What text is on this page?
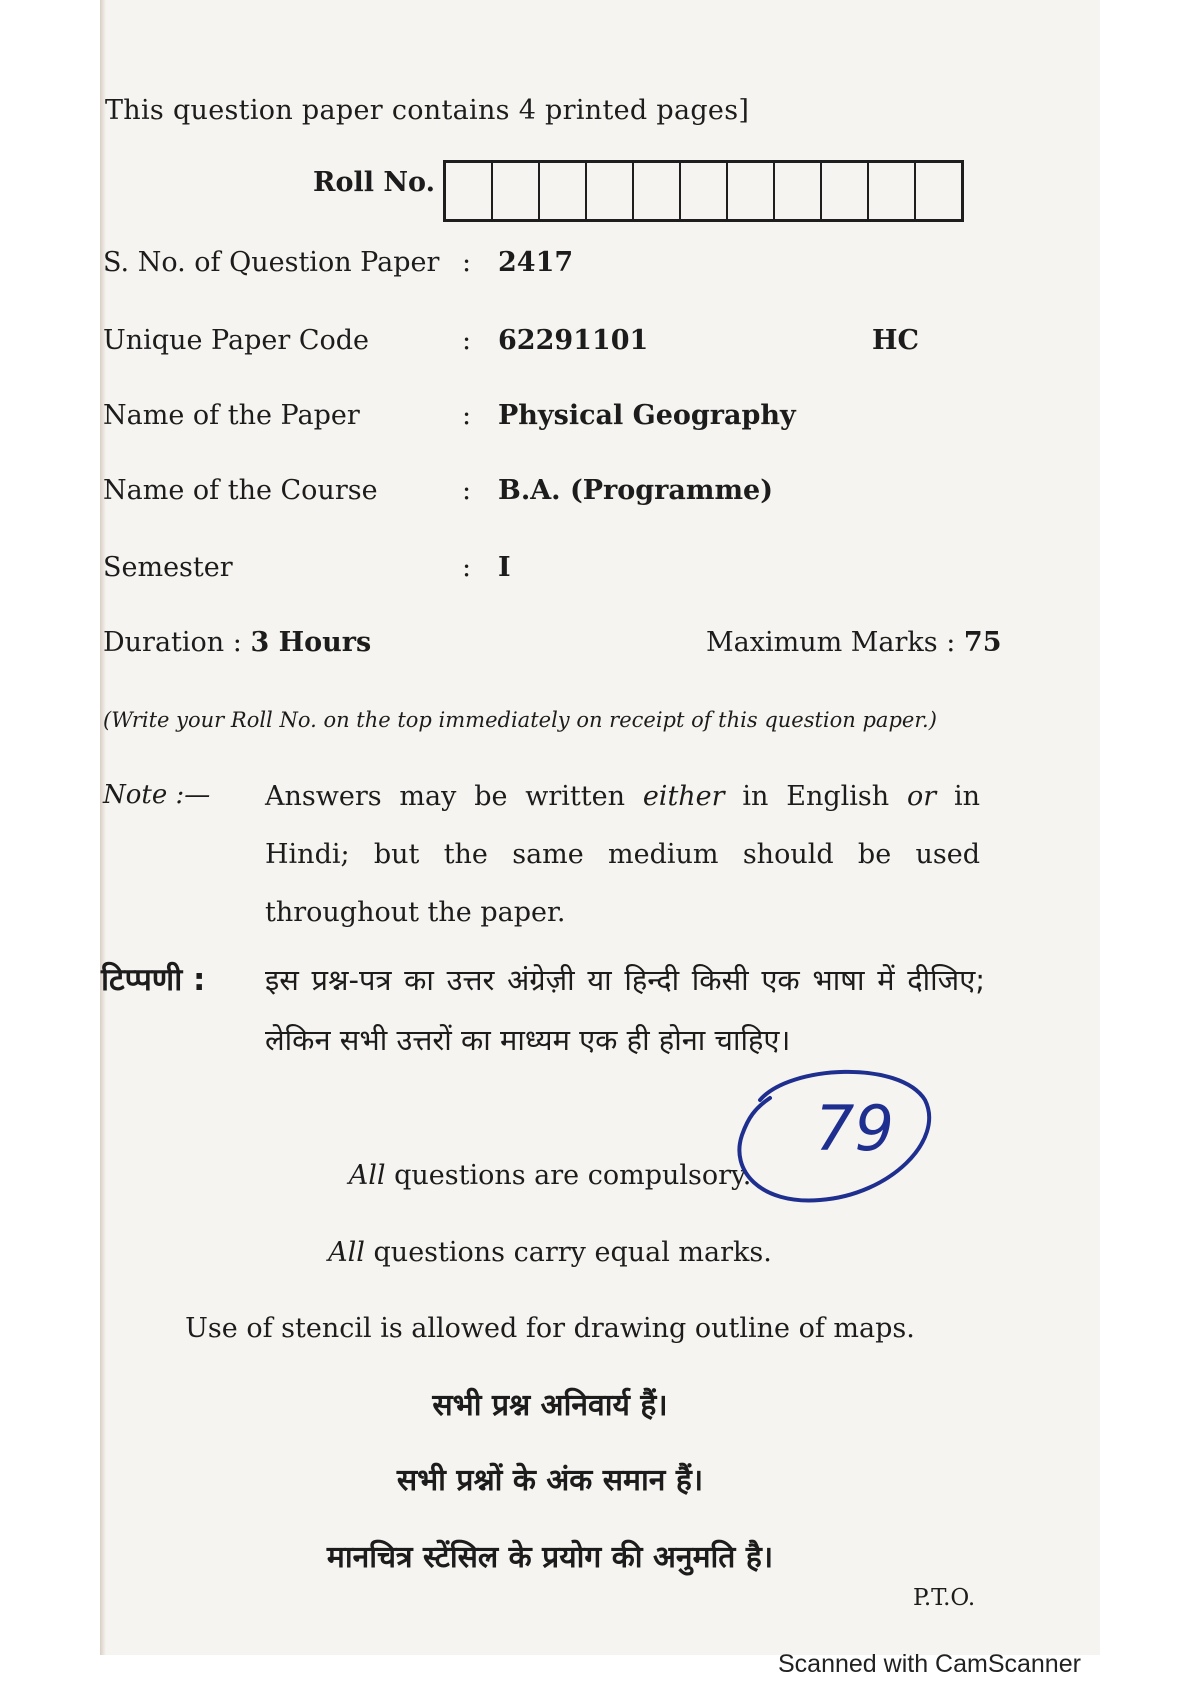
This question paper contains 4 printed pages]
Roll No.
S. No. of Question Paper : 2417
Unique Paper Code	: 62291101	HC
Name of the Paper	: Physical Geography
Name of the Course	: B.A. (Programme)
Semester	: I
Duration : 3 Hours	Maximum Marks : 75
(Write your Roll No. on the top immediately on receipt of this question paper.)
Note :— Answers may be written either in English or in Hindi; but the same medium should be used throughout the paper.
टिप्पणी : इस प्रश्न-पत्र का उत्तर अंग्रेज़ी या हिन्दी किसी एक भाषा में दीजिए; लेकिन सभी उत्तरों का माध्यम एक ही होना चाहिए।
All questions are compulsory.
All questions carry equal marks.
Use of stencil is allowed for drawing outline of maps.
सभी प्रश्न अनिवार्य हैं।
सभी प्रश्नों के अंक समान हैं।
मानचित्र स्टेंसिल के प्रयोग की अनुमति है।
79
P.T.O.
Scanned with CamScanner
